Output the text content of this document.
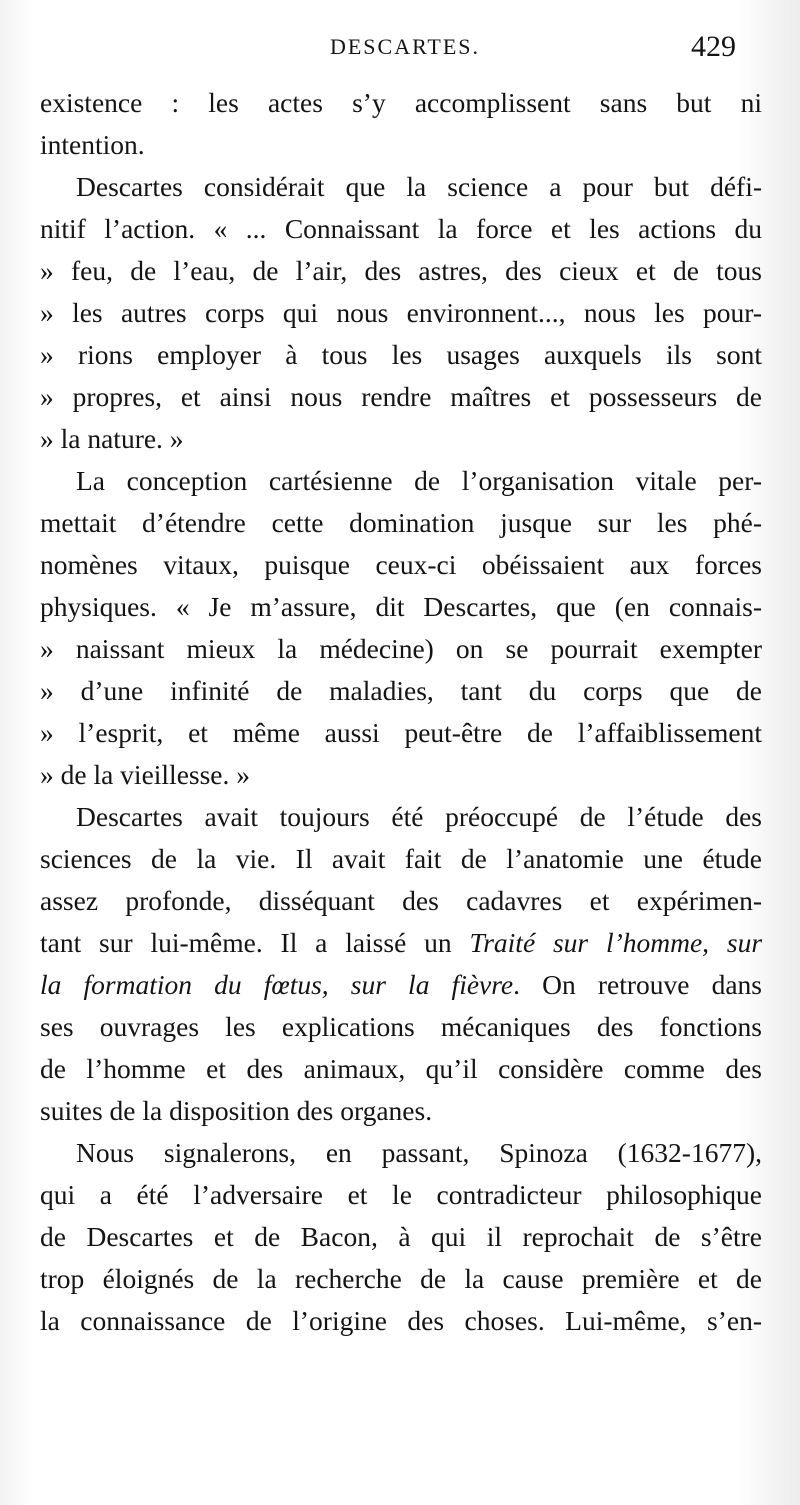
DESCARTES.	429
existence : les actes s’y accomplissent sans but ni
intention.
Descartes considérait que la science a pour but défi-
nitif l’action. « ... Connaissant la force et les actions du
» feu, de l’eau, de l’air, des astres, des cieux et de tous
» les autres corps qui nous environnent..., nous les pour-
» rions employer à tous les usages auxquels ils sont
» propres, et ainsi nous rendre maîtres et possesseurs de
» la nature. »
La conception cartésienne de l’organisation vitale per-
mettait d’étendre cette domination jusque sur les phé-
nomènes vitaux, puisque ceux-ci obéissaient aux forces
physiques. « Je m’assure, dit Descartes, que (en connais-
» naissant mieux la médecine) on se pourrait exempter
» d’une infinité de maladies, tant du corps que de
» l’esprit, et même aussi peut-être de l’affaiblissement
» de la vieillesse. »
Descartes avait toujours été préoccupé de l’étude des
sciences de la vie. Il avait fait de l’anatomie une étude
assez profonde, disséquant des cadavres et expérimen-
tant sur lui-même. Il a laissé un Traité sur l’homme, sur
la formation du fœtus, sur la fièvre. On retrouve dans
ses ouvrages les explications mécaniques des fonctions
de l’homme et des animaux, qu’il considère comme des
suites de la disposition des organes.
Nous signalerons, en passant, Spinoza (1632-1677),
qui a été l’adversaire et le contradicteur philosophique
de Descartes et de Bacon, à qui il reprochait de s’être
trop éloignés de la recherche de la cause première et de
la connaissance de l’origine des choses. Lui-même, s’en-
